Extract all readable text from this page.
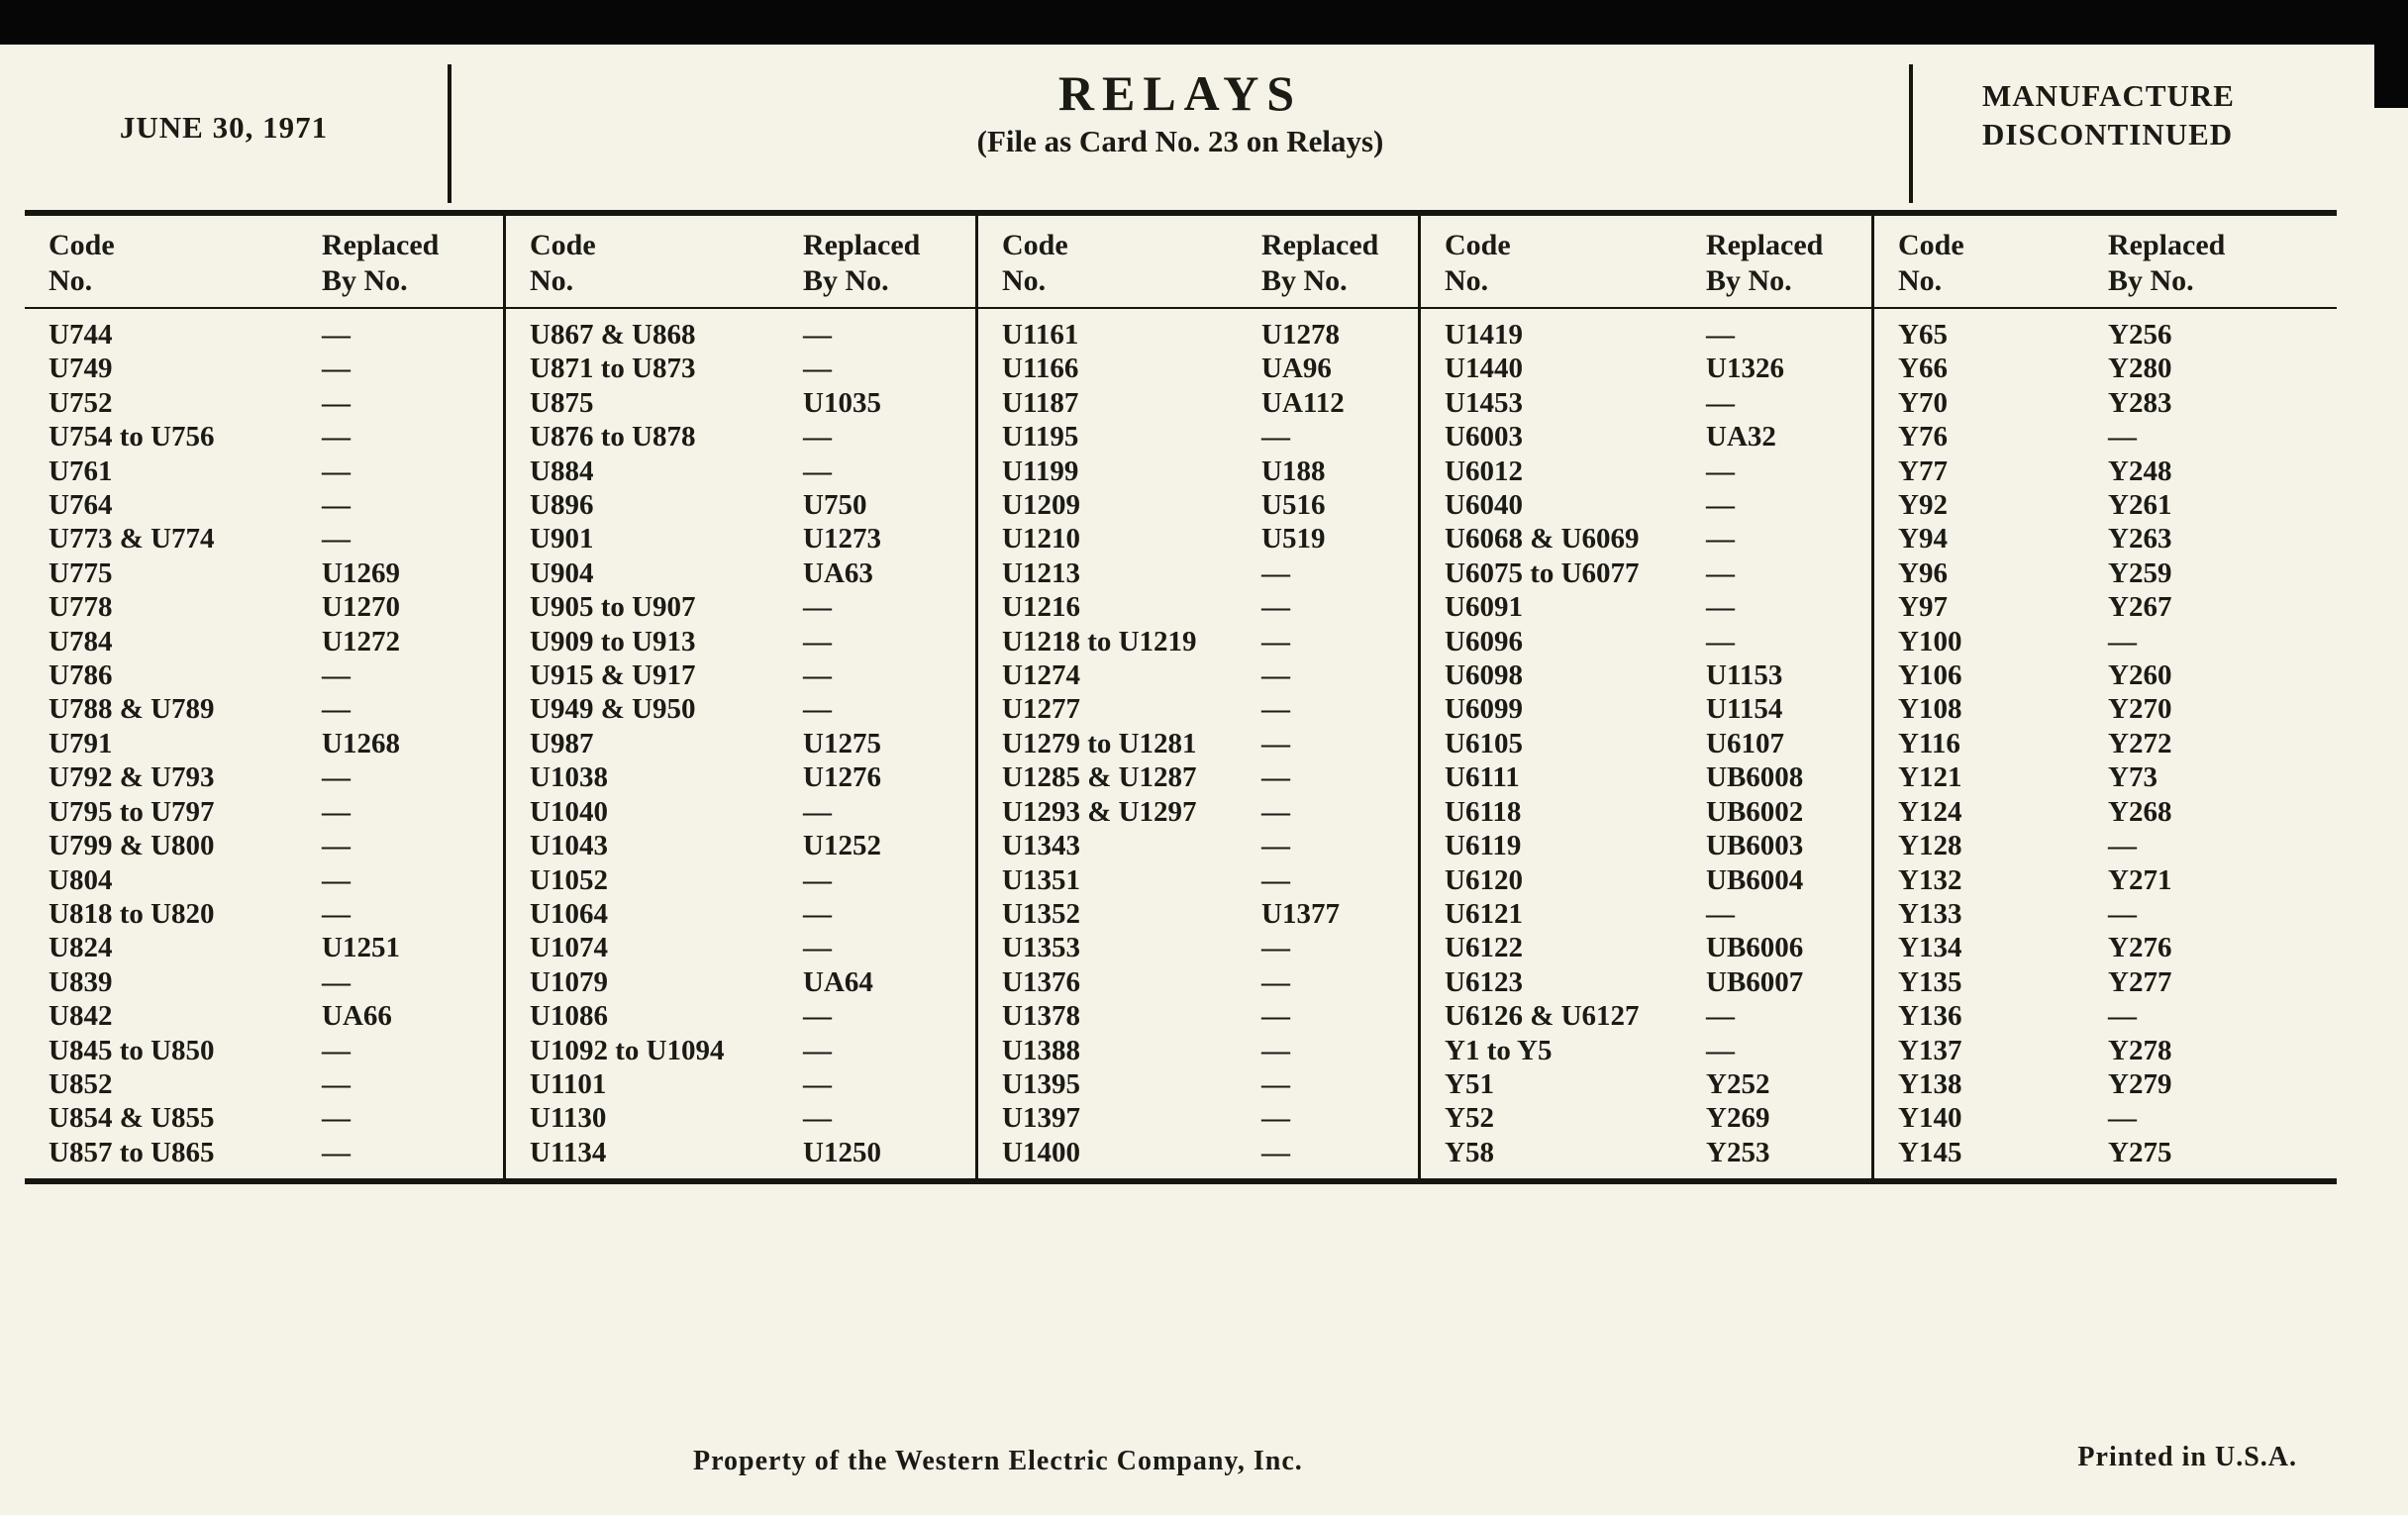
JUNE 30, 1971
RELAYS
(File as Card No. 23 on Relays)
MANUFACTURE
DISCONTINUED
Code
No.
Replaced
By No.
U744	—
U749	—
U752	—
U754 to U756	—
U761	—
U764	—
U773 & U774	—
U775	U1269
U778	U1270
U784	U1272
U786	—
U788 & U789	—
U791	U1268
U792 & U793	—
U795 to U797	—
U799 & U800	—
U804	—
U818 to U820	—
U824	U1251
U839	—
U842	UA66
U845 to U850	—
U852	—
U854 & U855	—
U857 to U865	—
Code
No.
Replaced
By No.
U867 & U868	—
U871 to U873	—
U875	U1035
U876 to U878	—
U884	—
U896	U750
U901	U1273
U904	UA63
U905 to U907	—
U909 to U913	—
U915 & U917	—
U949 & U950	—
U987	U1275
U1038	U1276
U1040	—
U1043	U1252
U1052	—
U1064	—
U1074	—
U1079	UA64
U1086	—
U1092 to U1094	—
U1101	—
U1130	—
U1134	U1250
Code
No.
Replaced
By No.
U1161	U1278
U1166	UA96
U1187	UA112
U1195	—
U1199	U188
U1209	U516
U1210	U519
U1213	—
U1216	—
U1218 to U1219	—
U1274	—
U1277	—
U1279 to U1281	—
U1285 & U1287	—
U1293 & U1297	—
U1343	—
U1351	—
U1352	U1377
U1353	—
U1376	—
U1378	—
U1388	—
U1395	—
U1397	—
U1400	—
Code
No.
Replaced
By No.
U1419	—
U1440	U1326
U1453	—
U6003	UA32
U6012	—
U6040	—
U6068 & U6069	—
U6075 to U6077	—
U6091	—
U6096	—
U6098	U1153
U6099	U1154
U6105	U6107
U6111	UB6008
U6118	UB6002
U6119	UB6003
U6120	UB6004
U6121	—
U6122	UB6006
U6123	UB6007
U6126 & U6127	—
Y1 to Y5	—
Y51	Y252
Y52	Y269
Y58	Y253
Code
No.
Replaced
By No.
Y65	Y256
Y66	Y280
Y70	Y283
Y76	—
Y77	Y248
Y92	Y261
Y94	Y263
Y96	Y259
Y97	Y267
Y100	—
Y106	Y260
Y108	Y270
Y116	Y272
Y121	Y73
Y124	Y268
Y128	—
Y132	Y271
Y133	—
Y134	Y276
Y135	Y277
Y136	—
Y137	Y278
Y138	Y279
Y140	—
Y145	Y275
Property of the Western Electric Company, Inc.	Printed in U.S.A.
